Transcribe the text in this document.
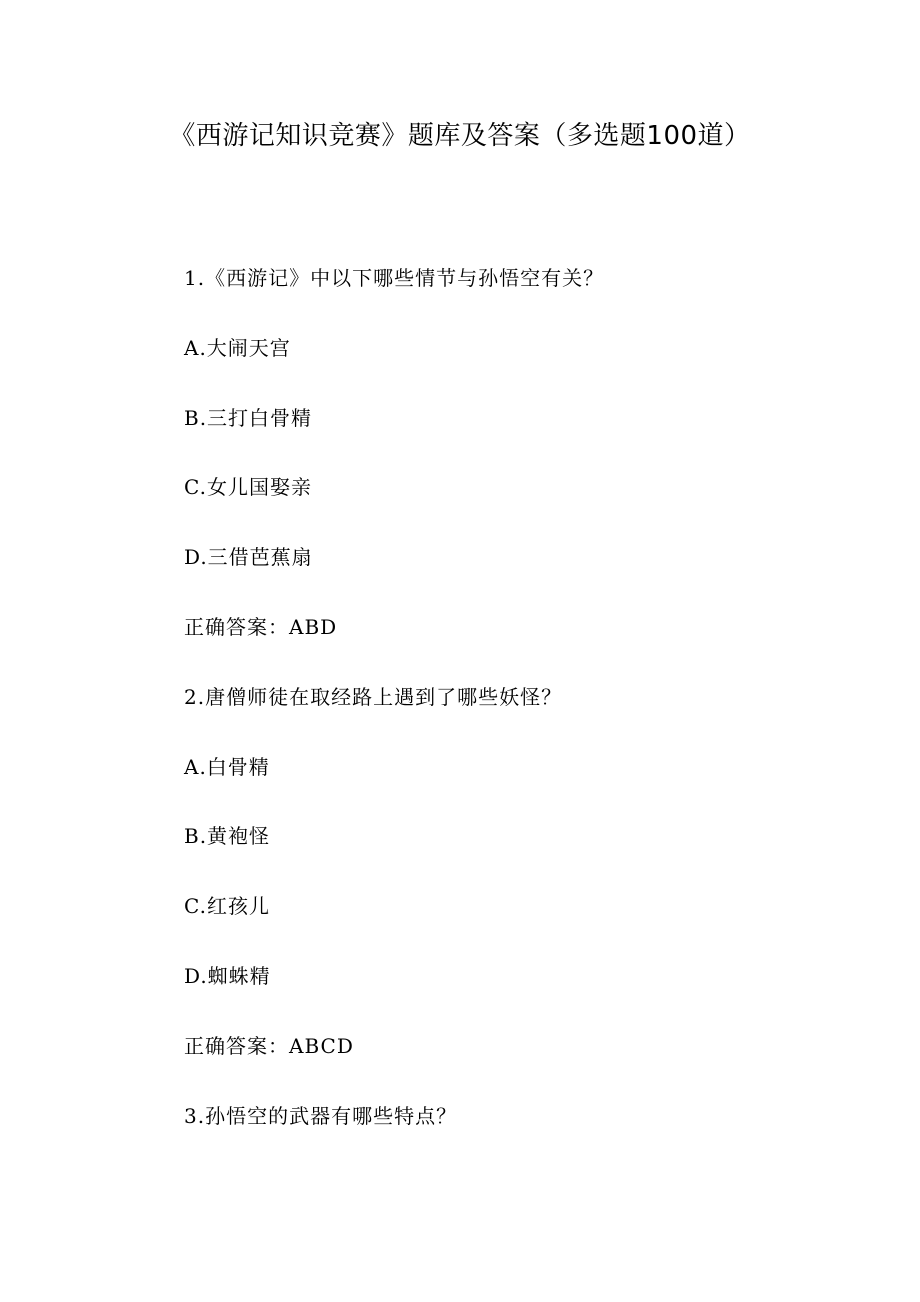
《西游记知识竞赛》题库及答案（多选题100道）

1.《西游记》中以下哪些情节与孙悟空有关？

A.大闹天宫

B.三打白骨精

C.女儿国娶亲

D.三借芭蕉扇

正确答案：ABD

2.唐僧师徒在取经路上遇到了哪些妖怪？

A.白骨精

B.黄袍怪

C.红孩儿

D.蜘蛛精

正确答案：ABCD

3.孙悟空的武器有哪些特点？
